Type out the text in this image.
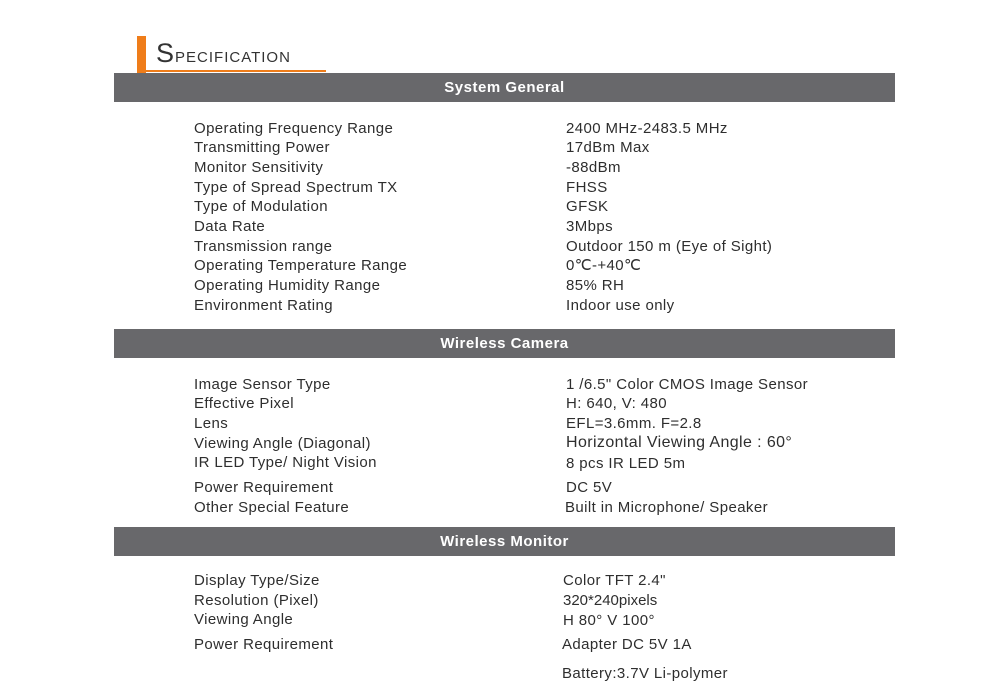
Specification
System General
Operating Frequency Range	2400 MHz-2483.5 MHz
Transmitting Power	17dBm Max
Monitor Sensitivity	-88dBm
Type of Spread Spectrum TX	FHSS
Type of Modulation	GFSK
Data Rate	3Mbps
Transmission range	Outdoor 150 m (Eye of Sight)
Operating Temperature Range	0℃-+40℃
Operating Humidity Range	85% RH
Environment Rating	Indoor use only
Wireless Camera
Image Sensor Type	1 /6.5" Color CMOS Image Sensor
Effective Pixel	H: 640, V: 480
Lens	EFL=3.6mm. F=2.8
Viewing Angle (Diagonal)	Horizontal Viewing Angle : 60°
IR LED Type/ Night Vision	8 pcs IR LED 5m
Power Requirement	DC 5V
Other Special Feature	Built in Microphone/ Speaker
Wireless Monitor
Display Type/Size	Color TFT 2.4"
Resolution (Pixel)	320*240pixels
Viewing Angle	H 80° V 100°
Power Requirement	Adapter DC 5V 1A
Battery:3.7V Li-polymer
